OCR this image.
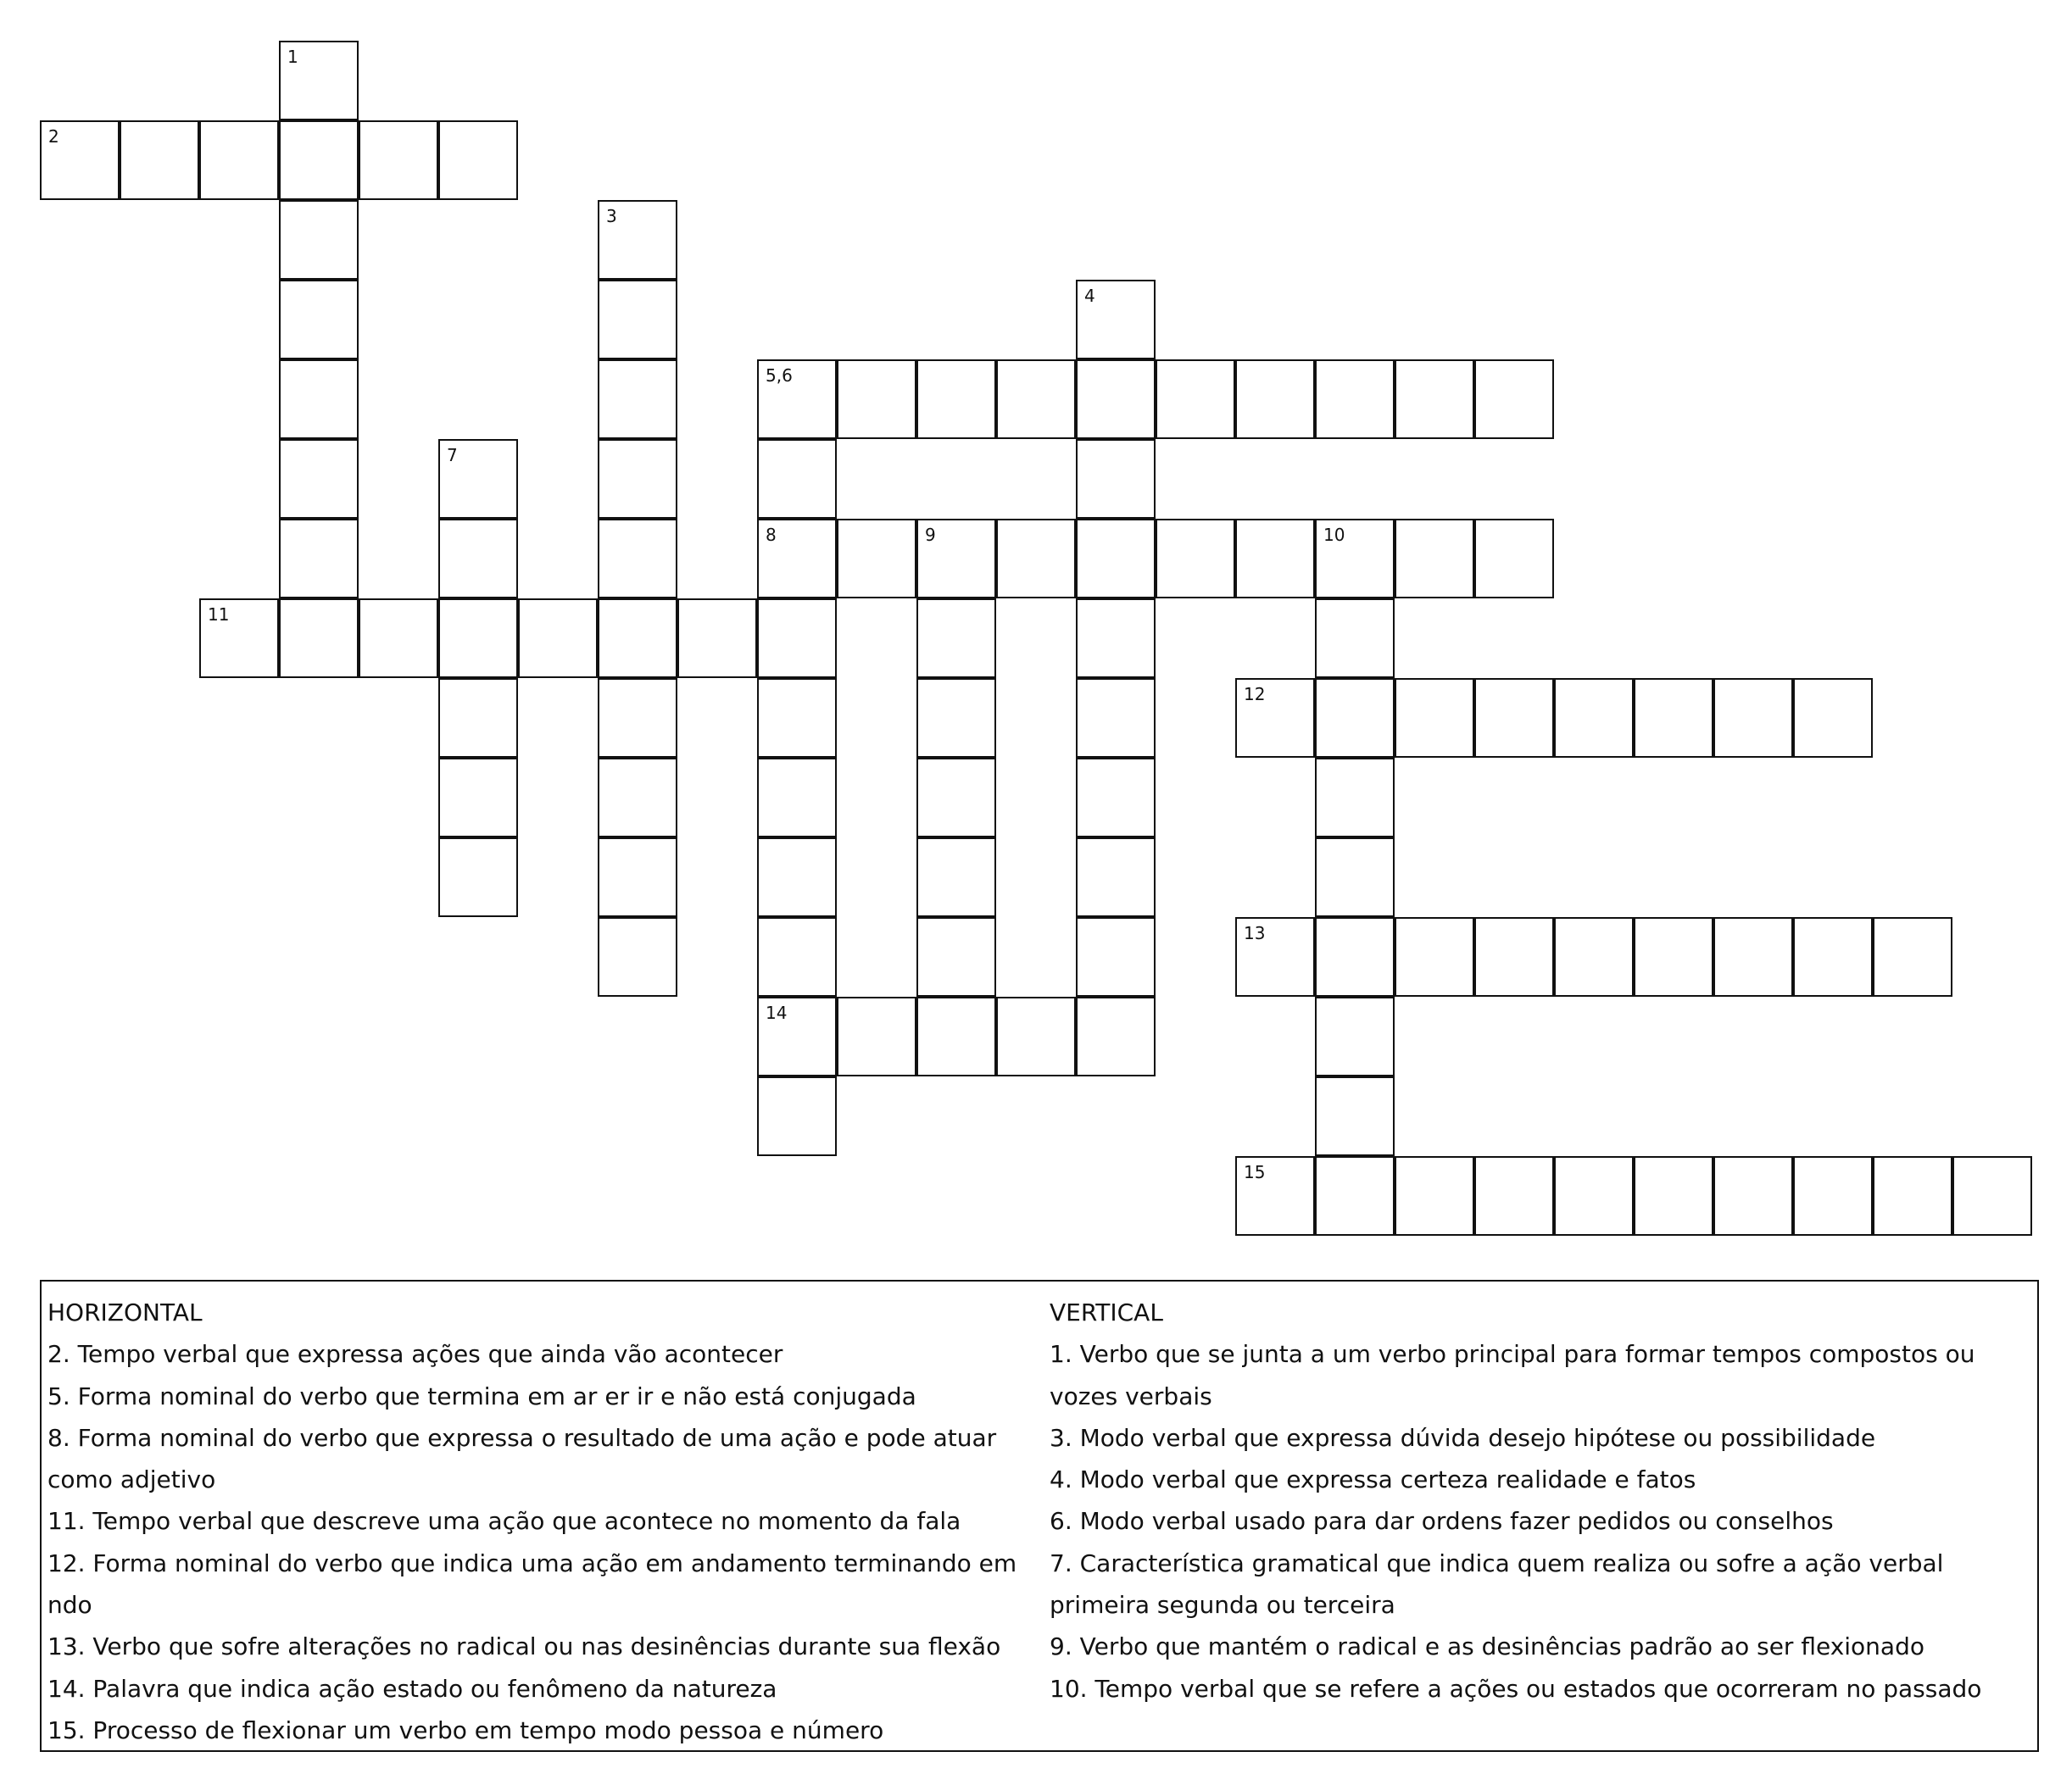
1
2
3
4
5,6
8
14
7
9	10
11
12
13
15

HORIZONTAL

2. Tempo verbal que expressa ações que ainda vão acontecer

5. Forma nominal do verbo que termina em ar er ir e não está conjugada

8. Forma nominal do verbo que expressa o resultado de uma ação e pode atuar como adjetivo

11. Tempo verbal que descreve uma ação que acontece no momento da fala

12. Forma nominal do verbo que indica uma ação em andamento terminando em ndo

13. Verbo que sofre alterações no radical ou nas desinências durante sua flexão

14. Palavra que indica ação estado ou fenômeno da natureza

15. Processo de flexionar um verbo em tempo modo pessoa e número

VERTICAL

1. Verbo que se junta a um verbo principal para formar tempos compostos ou vozes verbais

3. Modo verbal que expressa dúvida desejo hipótese ou possibilidade

4. Modo verbal que expressa certeza realidade e fatos

6. Modo verbal usado para dar ordens fazer pedidos ou conselhos

7. Característica gramatical que indica quem realiza ou sofre a ação verbal primeira segunda ou terceira

9. Verbo que mantém o radical e as desinências padrão ao ser flexionado

10. Tempo verbal que se refere a ações ou estados que ocorreram no passado
